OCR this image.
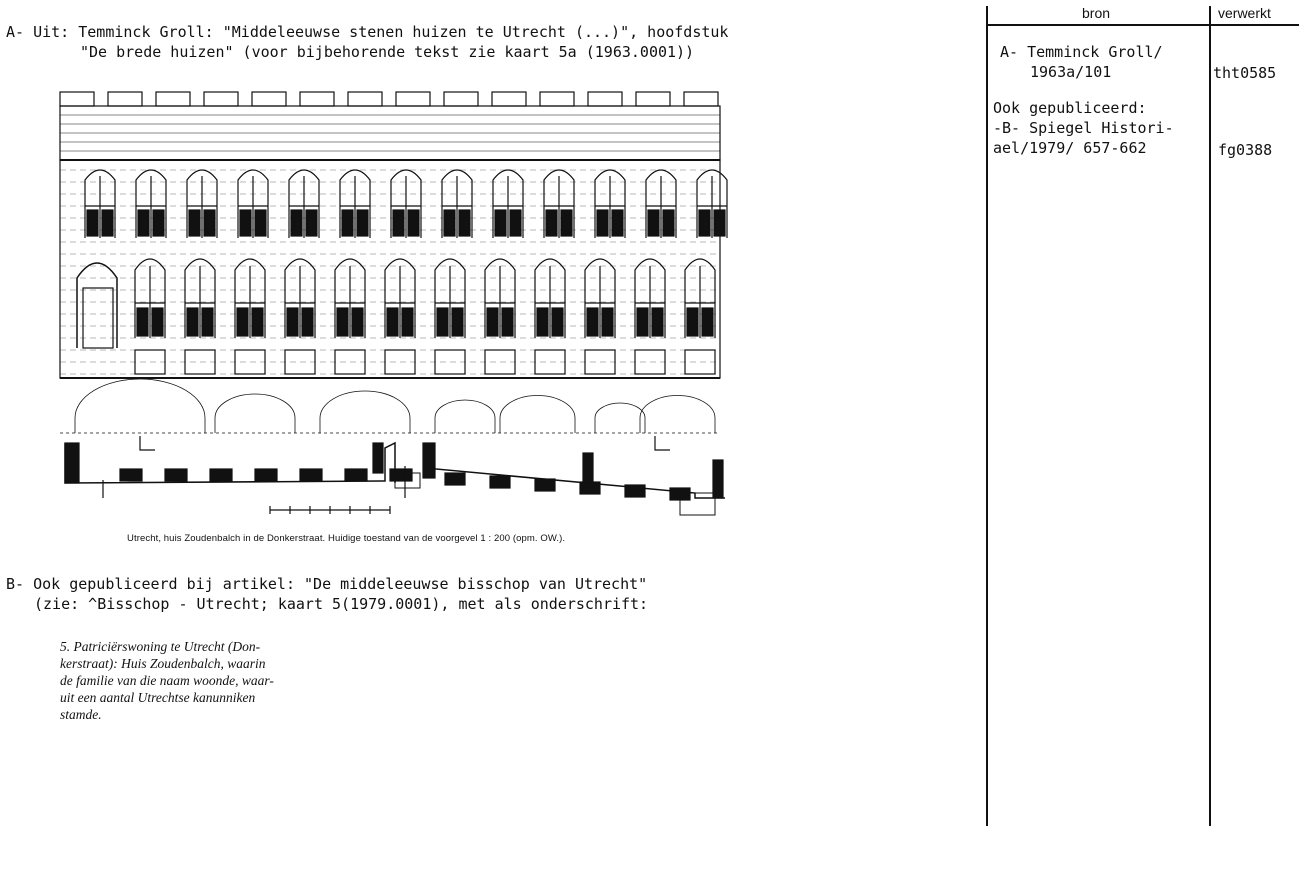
A- Uit: Temminck Groll: "Middeleeuwse stenen huizen te Utrecht (...)", hoofdstuk
"De brede huizen" (voor bijbehorende tekst zie kaart 5a (1963.0001))
Utrecht, huis Zoudenbalch in de Donkerstraat. Huidige toestand van de voorgevel 1 : 200 (opm. OW.).
B- Ook gepubliceerd bij artikel: "De middeleeuwse bisschop van Utrecht"
(zie: ^Bisschop - Utrecht; kaart 5(1979.0001), met als onderschrift:
5. Patriciërswoning te Utrecht (Don-
kerstraat): Huis Zoudenbalch, waarin
de familie van die naam woonde, waar-
uit een aantal Utrechtse kanunniken
stamde.
bron	verwerkt
A- Temminck Groll/
1963a/101	tht0585
Ook gepubliceerd:
-B- Spiegel Histori-
ael/1979/ 657-662	fg0388
